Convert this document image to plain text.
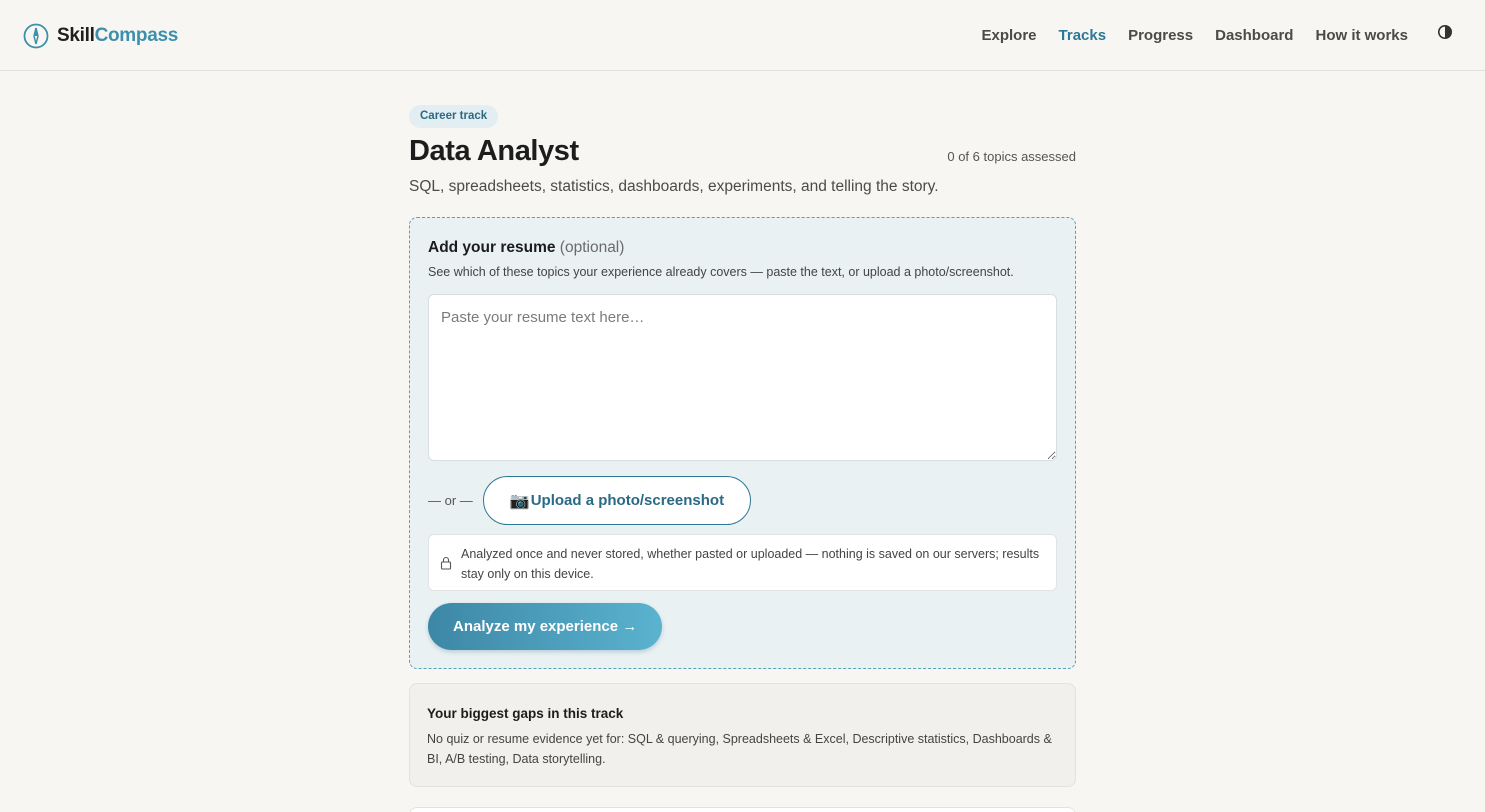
SkillCompass	Explore Tracks Progress Dashboard How it works
Career track
Data Analyst	0 of 6 topics assessed

SQL, spreadsheets, statistics, dashboards, experiments, and telling the story.

Add your resume (optional)

See which of these topics your experience already covers — paste the text, or upload a photo/screenshot.

Paste your resume text here…
— or — 📷 Upload a photo/screenshot

Analyzed once and never stored, whether pasted or uploaded — nothing is saved on our servers; results stay only on this device.

Analyze my experience →
Your biggest gaps in this track

No quiz or resume evidence yet for: SQL & querying, Spreadsheets & Excel, Descriptive statistics, Dashboards & BI, A/B testing, Data storytelling.
